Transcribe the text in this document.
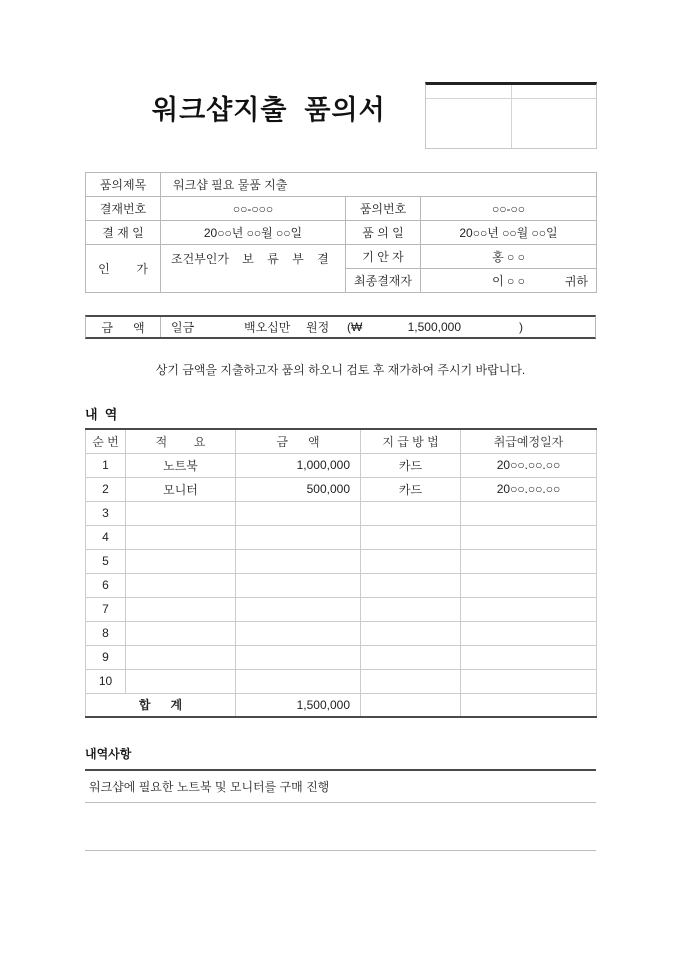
워크샵지출  품의서
품의제목	워크샵 필요 물품 지출		
결재번호	○○-○○○	품의번호	○○-○○
결 재 일	20○○년 ○○월 ○○일	품 의 일	20○○년 ○○월 ○○일
인        가	조건부인가    보    류    부    결	기 안 자	홍 ○ ○
		최종결재자	이 ○ ○ 귀하
금      액	일금	백오십만 원정 (₩	1,500,000	)
상기 금액을 지출하고자 품의 하오니 검토 후 재가하여 주시기 바랍니다.
내  역
순 번	적        요	금      액	지 급 방 법	취급예정일자
1	노트북	1,000,000	카드	20○○.○○.○○
2	모니터	500,000	카드	20○○.○○.○○
3				
4				
5				
6				
7				
8				
9				
10				
합      계		1,500,000		
내역사항
워크샵에 필요한 노트북 및 모니터를 구매 진행
